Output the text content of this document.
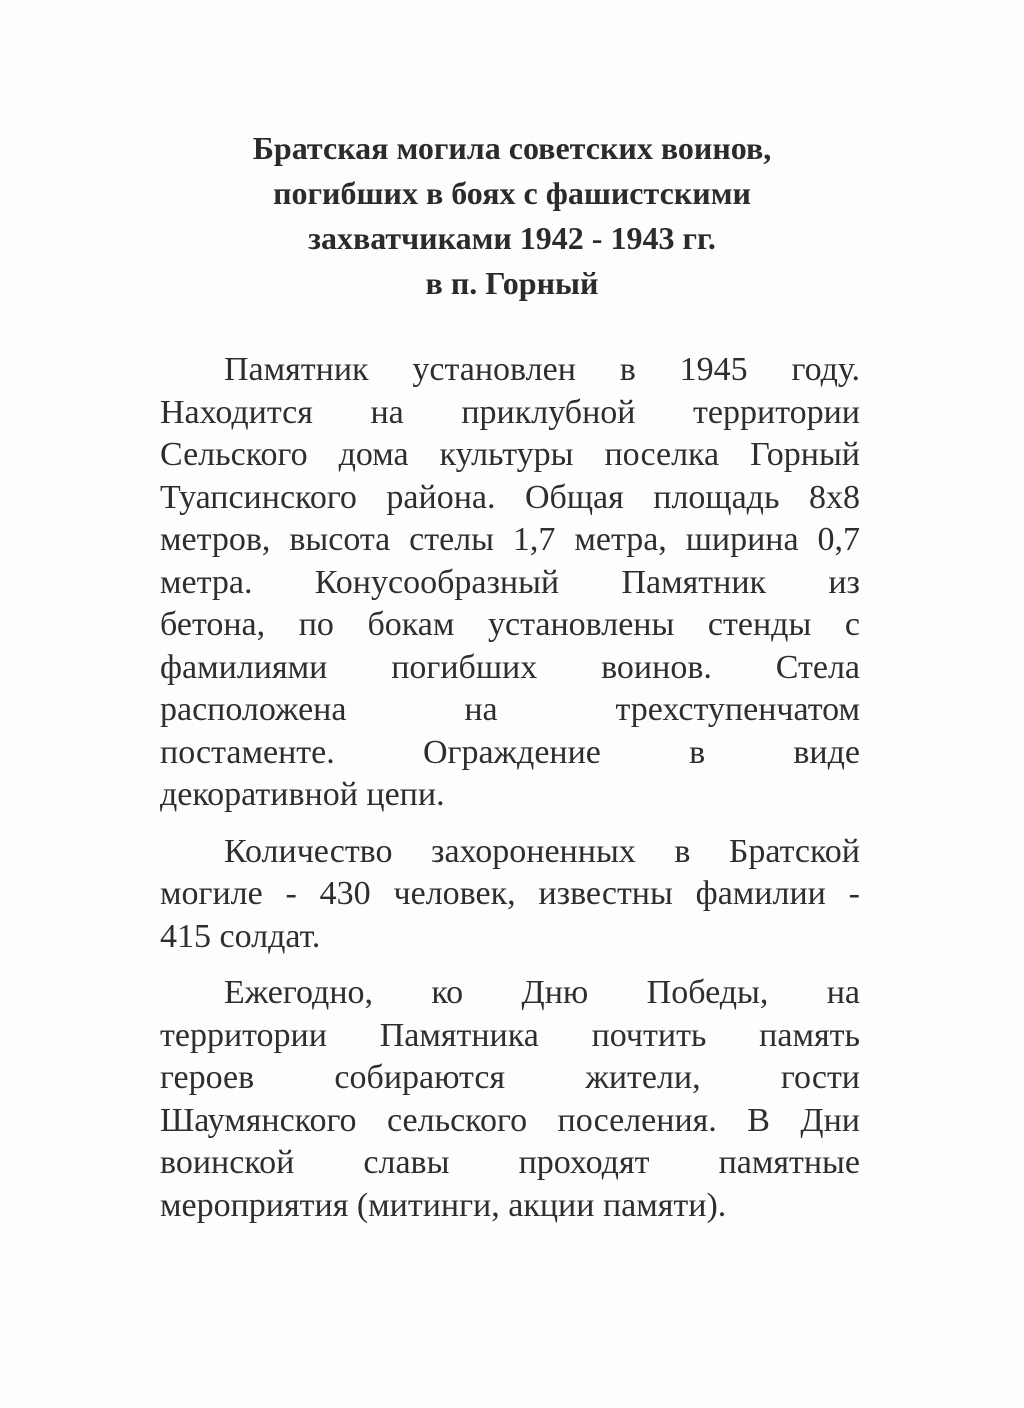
Братская могила советских воинов,
погибших в боях с фашистскими
захватчиками 1942 - 1943 гг.
в п. Горный
Памятник установлен в 1945 году.
Находится на приклубной территории
Сельского дома культуры поселка Горный
Туапсинского района. Общая площадь 8х8
метров, высота стелы 1,7 метра, ширина 0,7
метра. Конусообразный Памятник из
бетона, по бокам установлены стенды с
фамилиями погибших воинов. Стела
расположена на трехступенчатом
постаменте. Ограждение в виде
декоративной цепи.
Количество захороненных в Братской
могиле - 430 человек, известны фамилии -
415 солдат.
Ежегодно, ко Дню Победы, на
территории Памятника почтить память
героев собираются жители, гости
Шаумянского сельского поселения. В Дни
воинской славы проходят памятные
мероприятия (митинги, акции памяти).
